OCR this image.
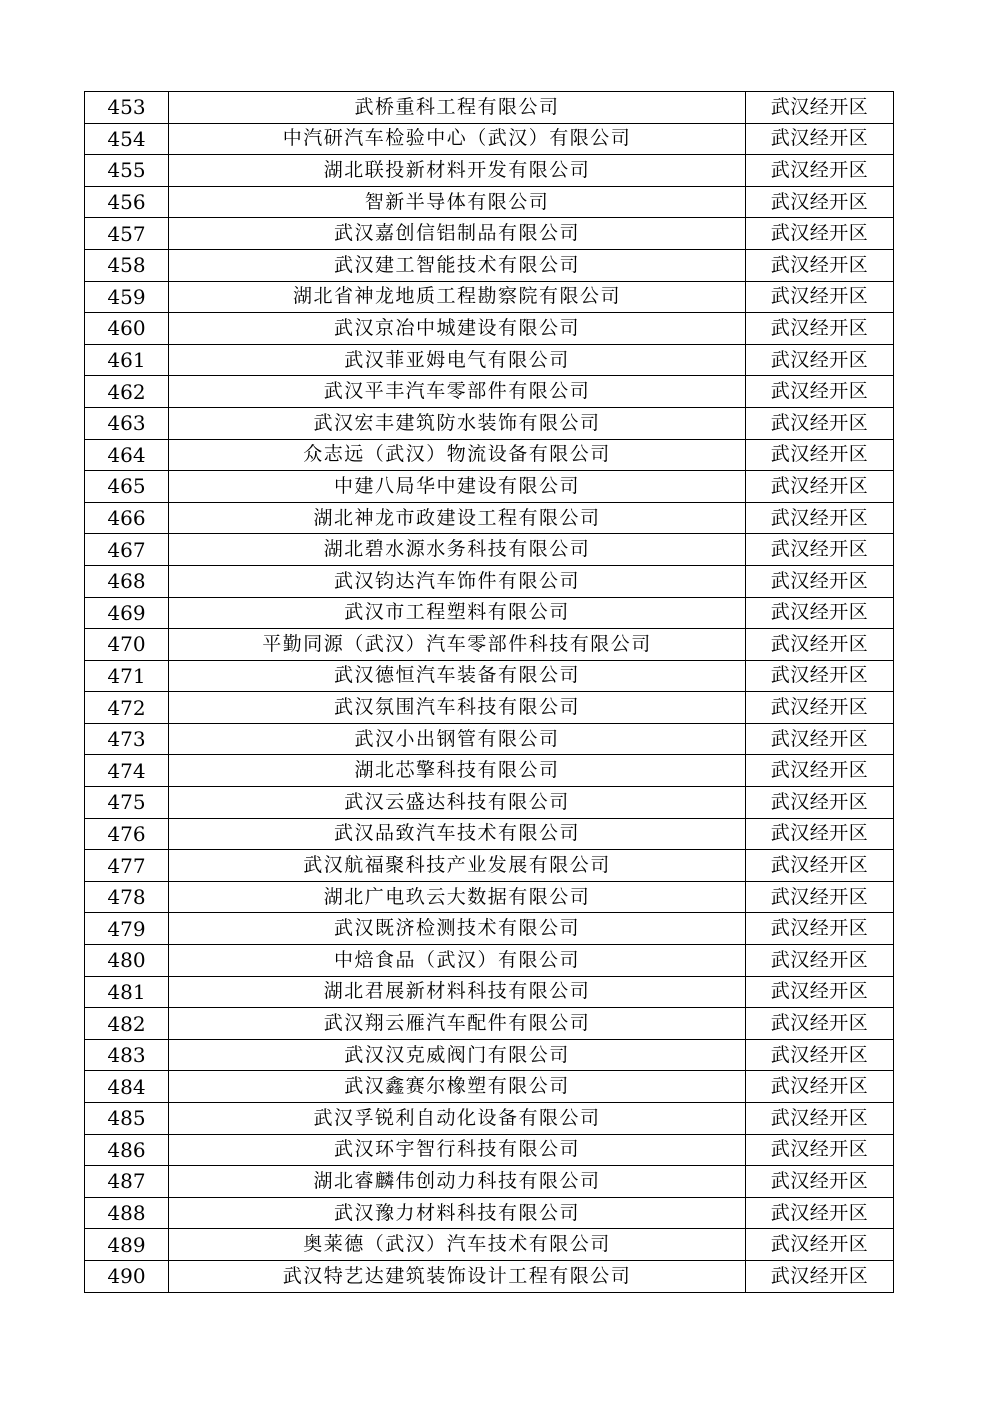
453	武桥重科工程有限公司	武汉经开区
454	中汽研汽车检验中心（武汉）有限公司	武汉经开区
455	湖北联投新材料开发有限公司	武汉经开区
456	智新半导体有限公司	武汉经开区
457	武汉嘉创信铝制品有限公司	武汉经开区
458	武汉建工智能技术有限公司	武汉经开区
459	湖北省神龙地质工程勘察院有限公司	武汉经开区
460	武汉京冶中城建设有限公司	武汉经开区
461	武汉菲亚姆电气有限公司	武汉经开区
462	武汉平丰汽车零部件有限公司	武汉经开区
463	武汉宏丰建筑防水装饰有限公司	武汉经开区
464	众志远（武汉）物流设备有限公司	武汉经开区
465	中建八局华中建设有限公司	武汉经开区
466	湖北神龙市政建设工程有限公司	武汉经开区
467	湖北碧水源水务科技有限公司	武汉经开区
468	武汉钧达汽车饰件有限公司	武汉经开区
469	武汉市工程塑料有限公司	武汉经开区
470	平勤同源（武汉）汽车零部件科技有限公司	武汉经开区
471	武汉德恒汽车装备有限公司	武汉经开区
472	武汉氛围汽车科技有限公司	武汉经开区
473	武汉小出钢管有限公司	武汉经开区
474	湖北芯擎科技有限公司	武汉经开区
475	武汉云盛达科技有限公司	武汉经开区
476	武汉品致汽车技术有限公司	武汉经开区
477	武汉航福聚科技产业发展有限公司	武汉经开区
478	湖北广电玖云大数据有限公司	武汉经开区
479	武汉既济检测技术有限公司	武汉经开区
480	中焙食品（武汉）有限公司	武汉经开区
481	湖北君展新材料科技有限公司	武汉经开区
482	武汉翔云雁汽车配件有限公司	武汉经开区
483	武汉汉克威阀门有限公司	武汉经开区
484	武汉鑫赛尔橡塑有限公司	武汉经开区
485	武汉孚锐利自动化设备有限公司	武汉经开区
486	武汉环宇智行科技有限公司	武汉经开区
487	湖北睿麟伟创动力科技有限公司	武汉经开区
488	武汉豫力材料科技有限公司	武汉经开区
489	奥莱德（武汉）汽车技术有限公司	武汉经开区
490	武汉特艺达建筑装饰设计工程有限公司	武汉经开区
